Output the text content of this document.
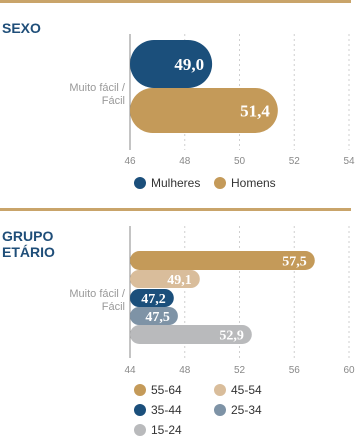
SEXO
Muito fácil /
Fácil
GRUPO
ETÁRIO
Muito fácil /
Fácil
46	48	50	52	54
49,0
51,4
Mulheres	Homens
44	48	52	56	60
57,5
49,1
47,2
47,5
52,9
55-64	45-54
35-44	25-34
15-24
